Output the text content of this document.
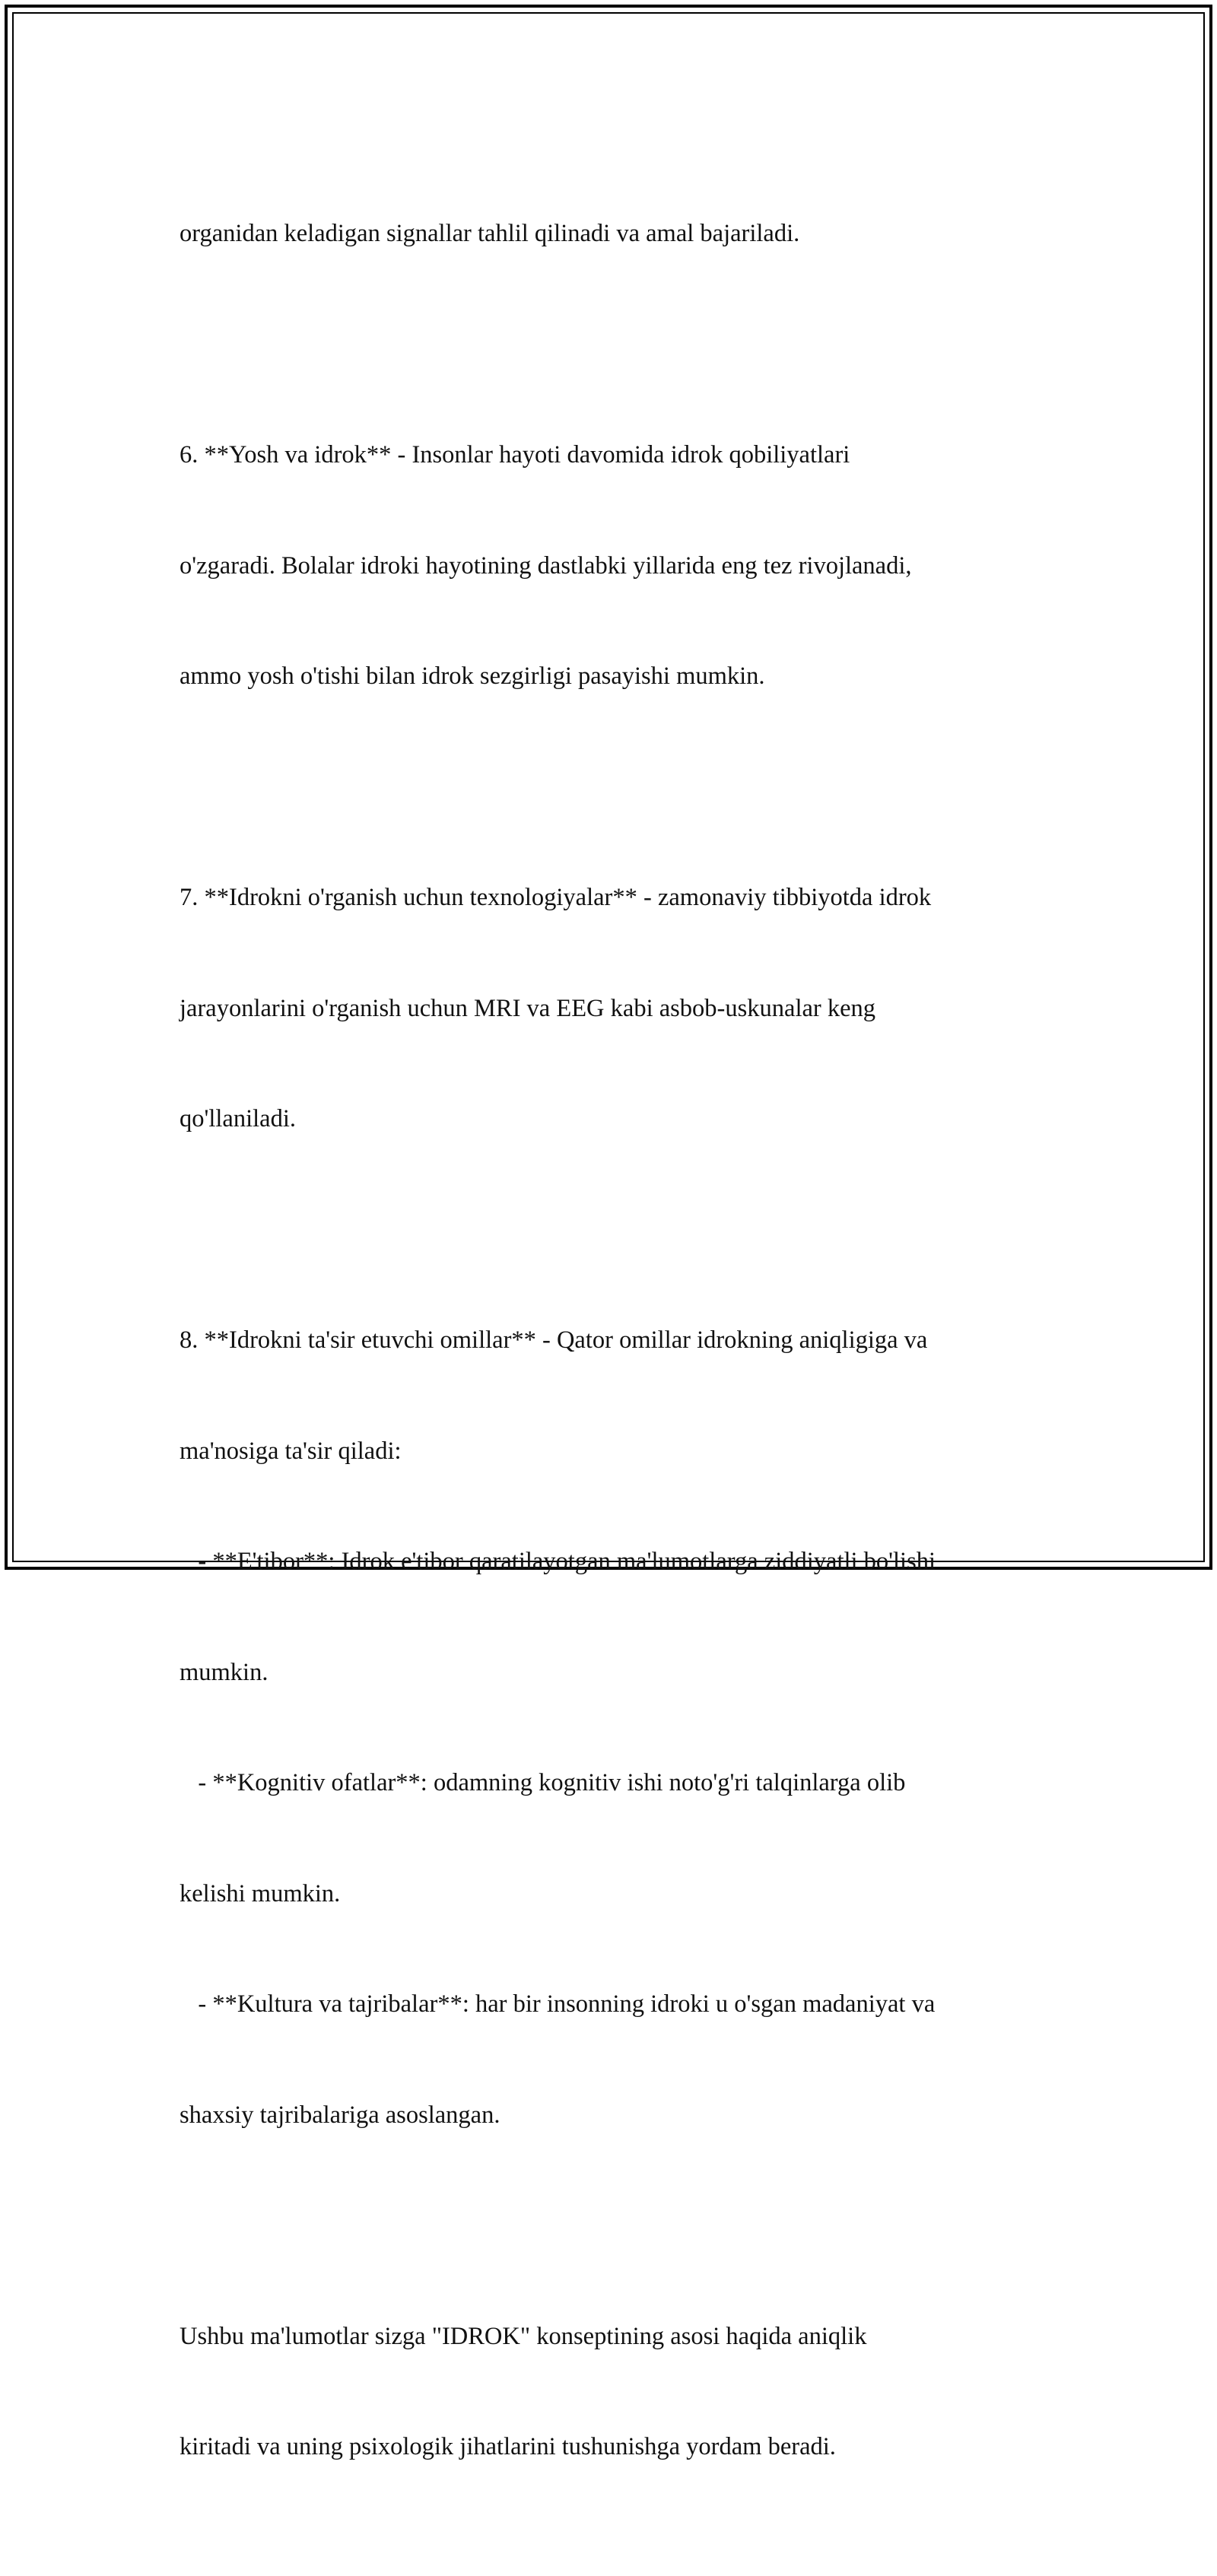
organidan keladigan signallar tahlil qilinadi va amal bajariladi.

6. **Yosh va idrok** - Insonlar hayoti davomida idrok qobiliyatlari

o'zgaradi. Bolalar idroki hayotining dastlabki yillarida eng tez rivojlanadi,

ammo yosh o'tishi bilan idrok sezgirligi pasayishi mumkin.

7. **Idrokni o'rganish uchun texnologiyalar** - zamonaviy tibbiyotda idrok

jarayonlarini o'rganish uchun MRI va EEG kabi asbob-uskunalar keng

qo'llaniladi.

8. **Idrokni ta'sir etuvchi omillar** - Qator omillar idrokning aniqligiga va

ma'nosiga ta'sir qiladi:

- **E'tibor**: Idrok e'tibor qaratilayotgan ma'lumotlarga ziddiyatli bo'lishi

mumkin.

- **Kognitiv ofatlar**: odamning kognitiv ishi noto'g'ri talqinlarga olib

kelishi mumkin.

- **Kultura va tajribalar**: har bir insonning idroki u o'sgan madaniyat va

shaxsiy tajribalariga asoslangan.

Ushbu ma'lumotlar sizga "IDROK" konseptining asosi haqida aniqlik

kiritadi va uning psixologik jihatlarini tushunishga yordam beradi.
